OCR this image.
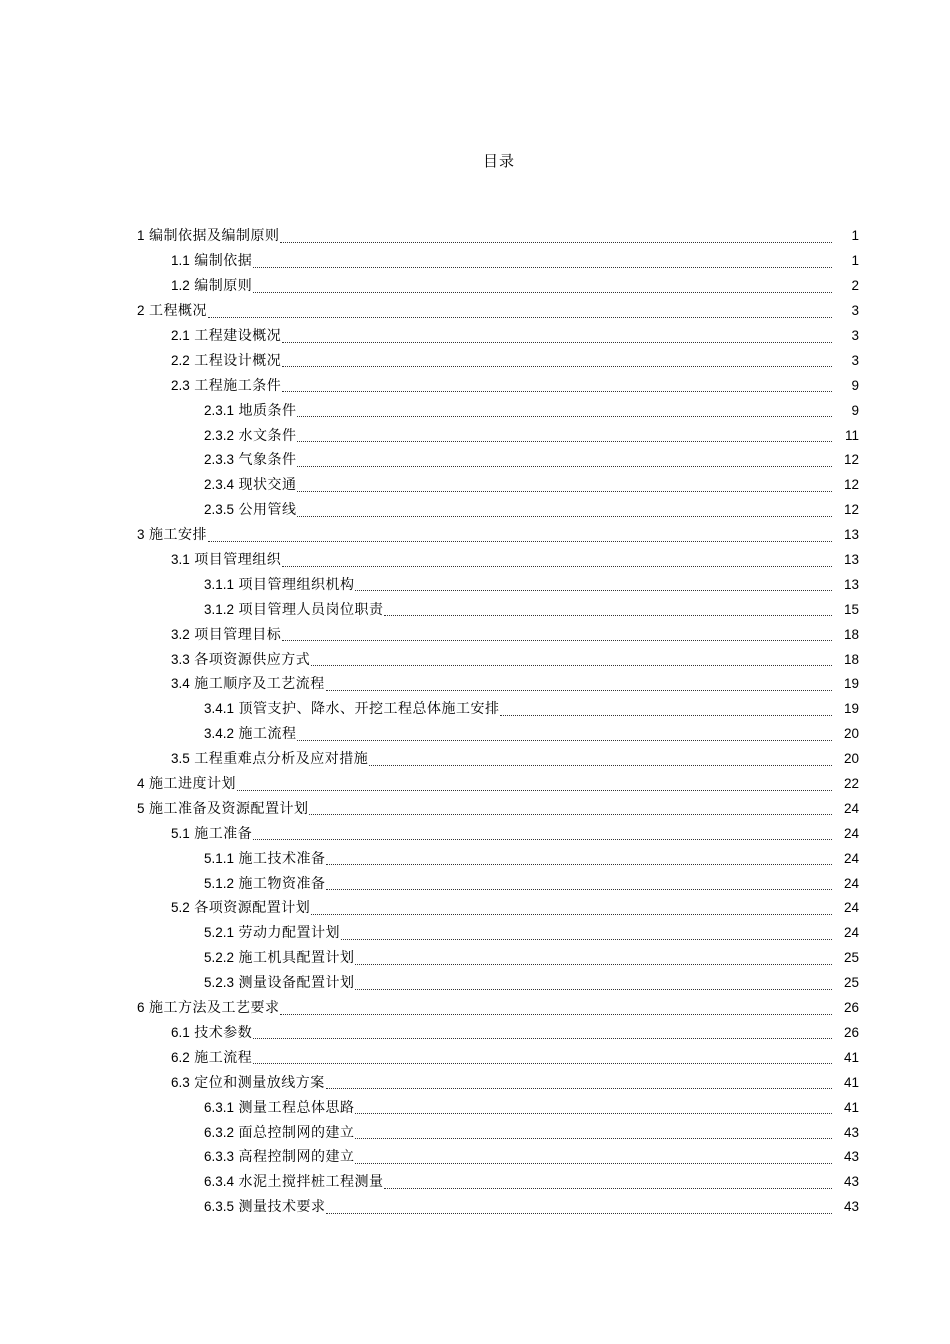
目录
1 编制依据及编制原则	1
1.1 编制依据	1
1.2 编制原则	2
2 工程概况	3
2.1 工程建设概况	3
2.2 工程设计概况	3
2.3 工程施工条件	9
2.3.1 地质条件	9
2.3.2 水文条件	11
2.3.3 气象条件	12
2.3.4 现状交通	12
2.3.5 公用管线	12
3 施工安排	13
3.1 项目管理组织	13
3.1.1 项目管理组织机构	13
3.1.2 项目管理人员岗位职责	15
3.2 项目管理目标	18
3.3 各项资源供应方式	18
3.4 施工顺序及工艺流程	19
3.4.1 顶管支护、降水、开挖工程总体施工安排	19
3.4.2 施工流程	20
3.5 工程重难点分析及应对措施	20
4 施工进度计划	22
5 施工准备及资源配置计划	24
5.1 施工准备	24
5.1.1 施工技术准备	24
5.1.2 施工物资准备	24
5.2 各项资源配置计划	24
5.2.1 劳动力配置计划	24
5.2.2 施工机具配置计划	25
5.2.3 测量设备配置计划	25
6 施工方法及工艺要求	26
6.1 技术参数	26
6.2 施工流程	41
6.3 定位和测量放线方案	41
6.3.1 测量工程总体思路	41
6.3.2 面总控制网的建立	43
6.3.3 高程控制网的建立	43
6.3.4 水泥土搅拌桩工程测量	43
6.3.5 测量技术要求	43
